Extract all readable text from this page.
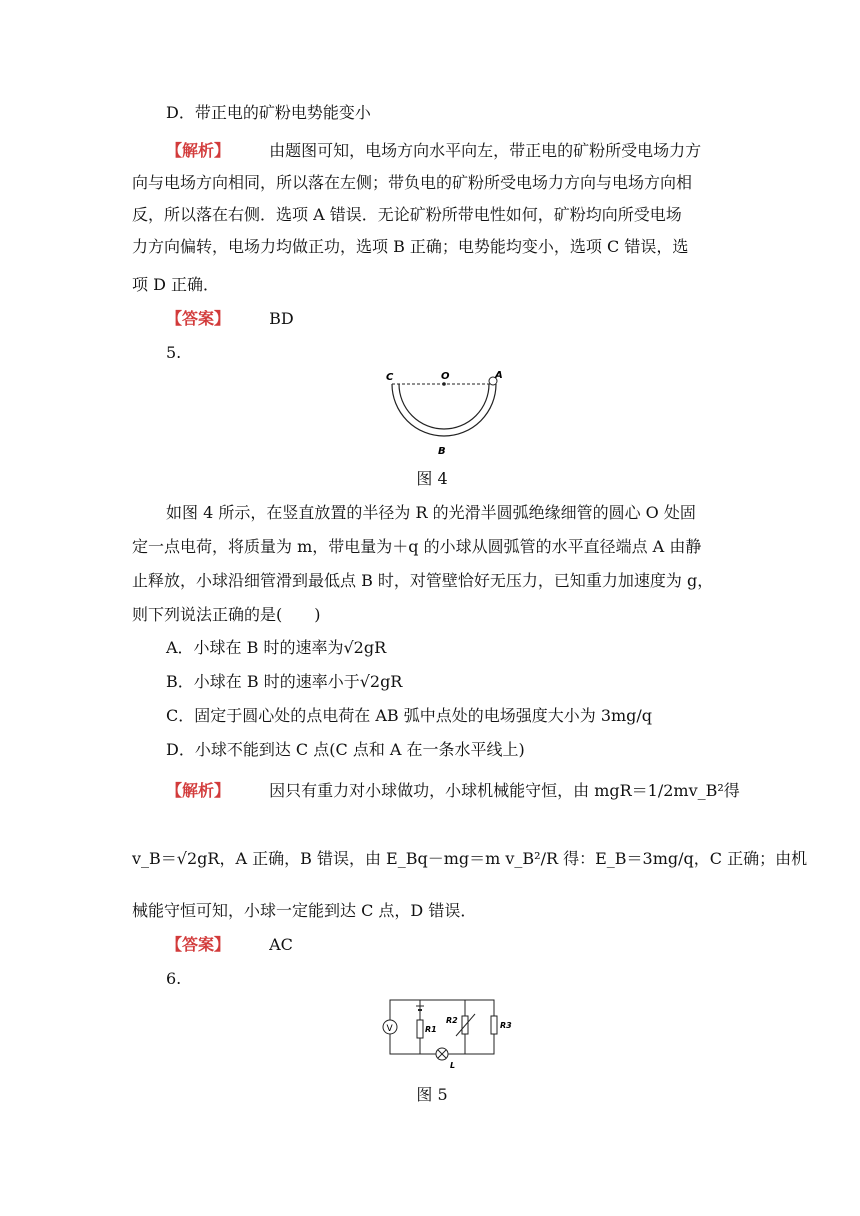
D．带正电的矿粉电势能变小
【解析】 由题图可知，电场方向水平向左，带正电的矿粉所受电场力方
向与电场方向相同，所以落在左侧；带负电的矿粉所受电场力方向与电场方向相
反，所以落在右侧．选项 A 错误．无论矿粉所带电性如何，矿粉均向所受电场
力方向偏转，电场力均做正功，选项 B 正确；电势能均变小，选项 C 错误，选
项 D 正确．
【答案】 BD
5.
C	O	A
B
图 4
如图 4 所示，在竖直放置的半径为 R 的光滑半圆弧绝缘细管的圆心 O 处固
定一点电荷，将质量为 m，带电量为＋q 的小球从圆弧管的水平直径端点 A 由静
止释放，小球沿细管滑到最低点 B 时，对管壁恰好无压力，已知重力加速度为 g，
则下列说法正确的是(　　)
A．小球在 B 时的速率为√2gR
B．小球在 B 时的速率小于√2gR
C．固定于圆心处的点电荷在 AB 弧中点处的电场强度大小为 3mg/q
D．小球不能到达 C 点(C 点和 A 在一条水平线上)
【解析】 因只有重力对小球做功，小球机械能守恒，由 mgR＝1/2mv_B²得
v_B＝√2gR，A 正确，B 错误，由 E_Bq－mg＝m v_B²/R 得：E_B＝3mg/q，C 正确；由机
械能守恒可知，小球一定能到达 C 点，D 错误．
【答案】 AC
6.
V	R1
R2
R3
L
图 5
